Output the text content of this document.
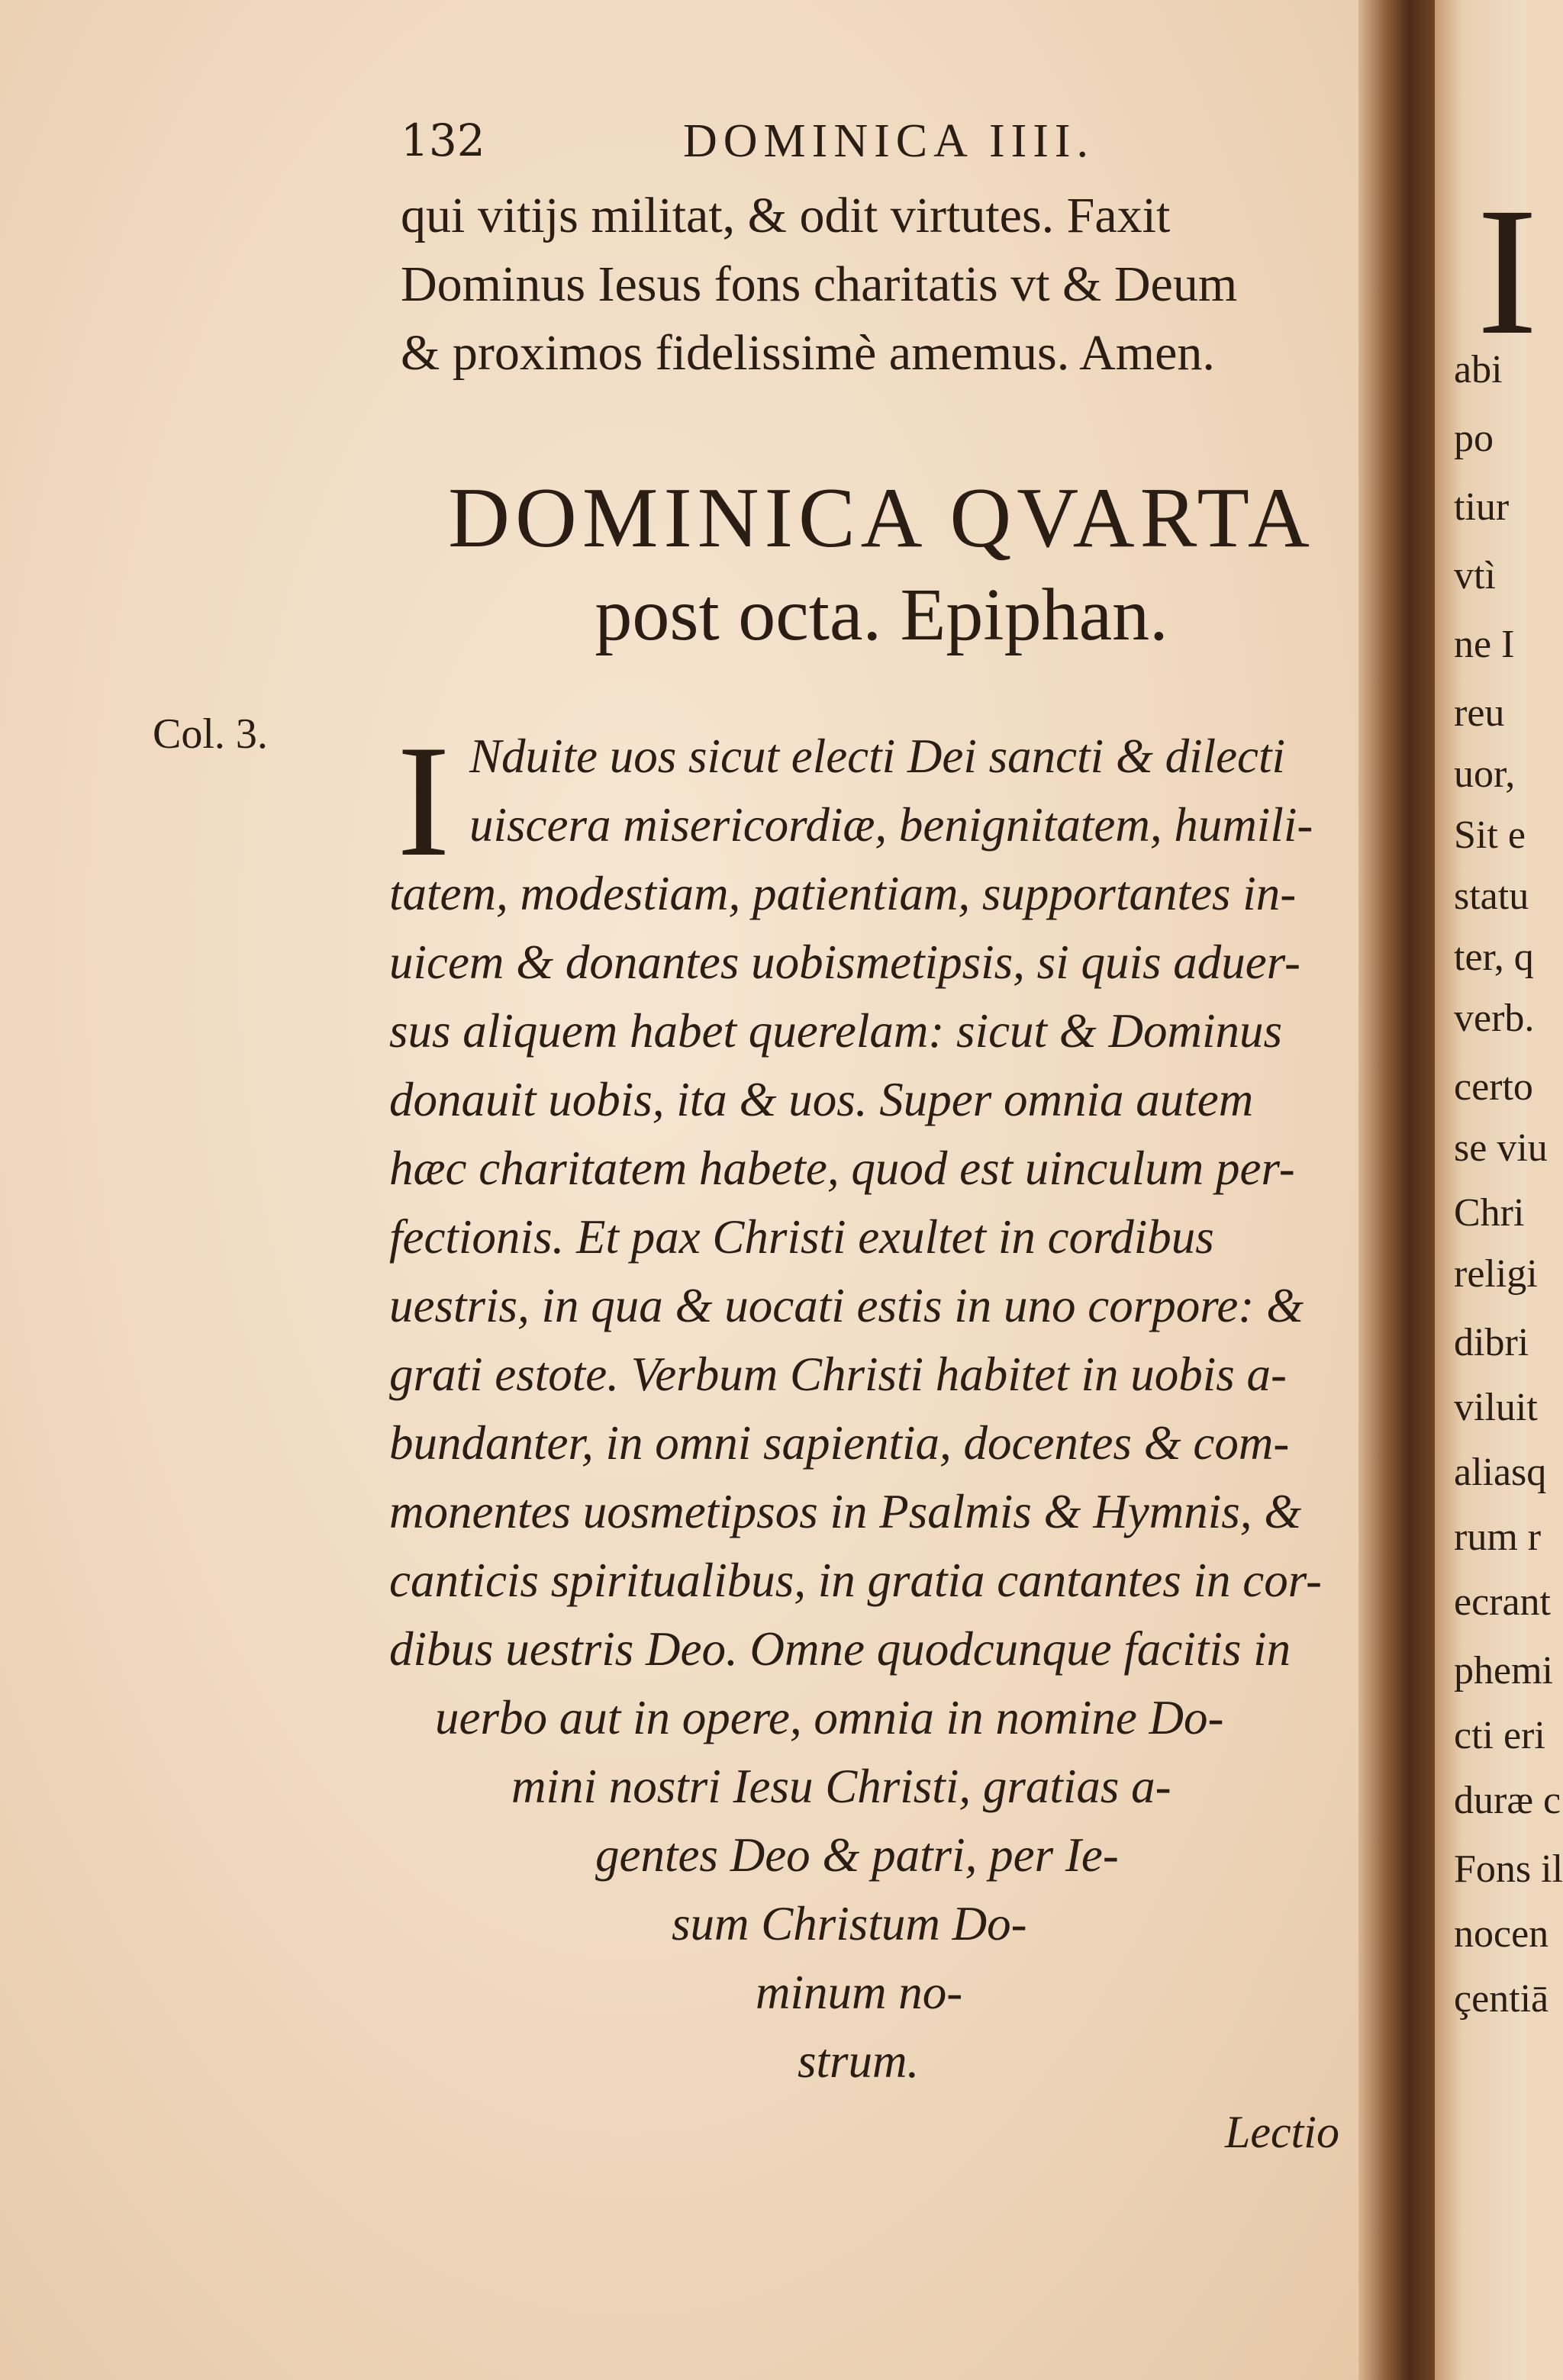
132	DOMINICA IIII.
qui vitijs militat, & odit virtutes. Faxit
Dominus Iesus fons charitatis vt & Deum
& proximos fidelissimè amemus. Amen.
DOMINICA QVARTA
post octa. Epiphan.
Col. 3. I Nduite uos sicut electi Dei sancti & dilecti
uiscera misericordiæ, benignitatem, humili-
tatem, modestiam, patientiam, supportantes in-
uicem & donantes uobismetipsis, si quis aduer-
sus aliquem habet querelam: sicut & Dominus
donauit uobis, ita & uos. Super omnia autem
hæc charitatem habete, quod est uinculum per-
fectionis. Et pax Christi exultet in cordibus
uestris, in qua & uocati estis in uno corpore: &
grati estote. Verbum Christi habitet in uobis a-
bundanter, in omni sapientia, docentes & com-
monentes uosmetipsos in Psalmis & Hymnis, &
canticis spiritualibus, in gratia cantantes in cor-
dibus uestris Deo. Omne quodcunque facitis in
uerbo aut in opere, omnia in nomine Do-
mini nostri Iesu Christi, gratias a-
gentes Deo & patri, per Ie-
sum Christum Do-
minum no-
strum.
Lectio
I
abi
po
tiur
vtì
ne I
reu
uor,
Sit e
statu
ter, q
verb.
certo
se viu
Chri
religi
dibri
viluit
aliasq
rum r
ecrant
phemi
cti eri
duræ c
Fons il
nocen
çentiā
